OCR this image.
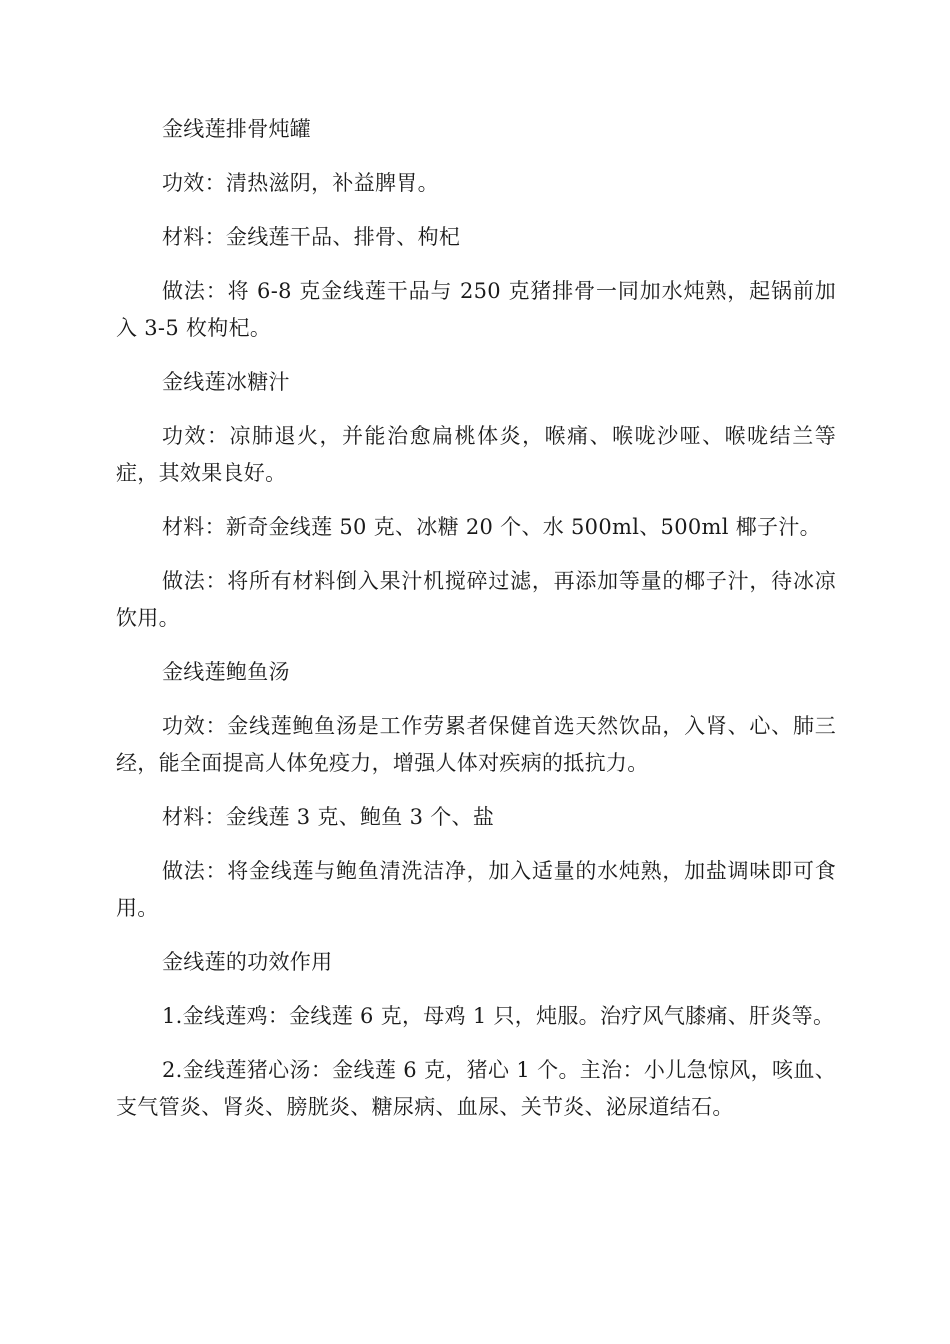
金线莲排骨炖罐

功效：清热滋阴，补益脾胃。

材料：金线莲干品、排骨、枸杞

做法：将 6-8 克金线莲干品与 250 克猪排骨一同加水炖熟，起锅前加入 3-5 枚枸杞。

金线莲冰糖汁

功效：凉肺退火，并能治愈扁桃体炎，喉痛、喉咙沙哑、喉咙结兰等症，其效果良好。

材料：新奇金线莲 50 克、冰糖 20 个、水 500ml、500ml 椰子汁。

做法：将所有材料倒入果汁机搅碎过滤，再添加等量的椰子汁，待冰凉饮用。

金线莲鲍鱼汤

功效：金线莲鲍鱼汤是工作劳累者保健首选天然饮品，入肾、心、肺三经，能全面提高人体免疫力，增强人体对疾病的抵抗力。

材料：金线莲 3 克、鲍鱼 3 个、盐

做法：将金线莲与鲍鱼清洗洁净，加入适量的水炖熟，加盐调味即可食用。

金线莲的功效作用

1.金线莲鸡：金线莲 6 克，母鸡 1 只，炖服。治疗风气膝痛、肝炎等。

2.金线莲猪心汤：金线莲 6 克，猪心 1 个。主治：小儿急惊风，咳血、支气管炎、肾炎、膀胱炎、糖尿病、血尿、关节炎、泌尿道结石。
